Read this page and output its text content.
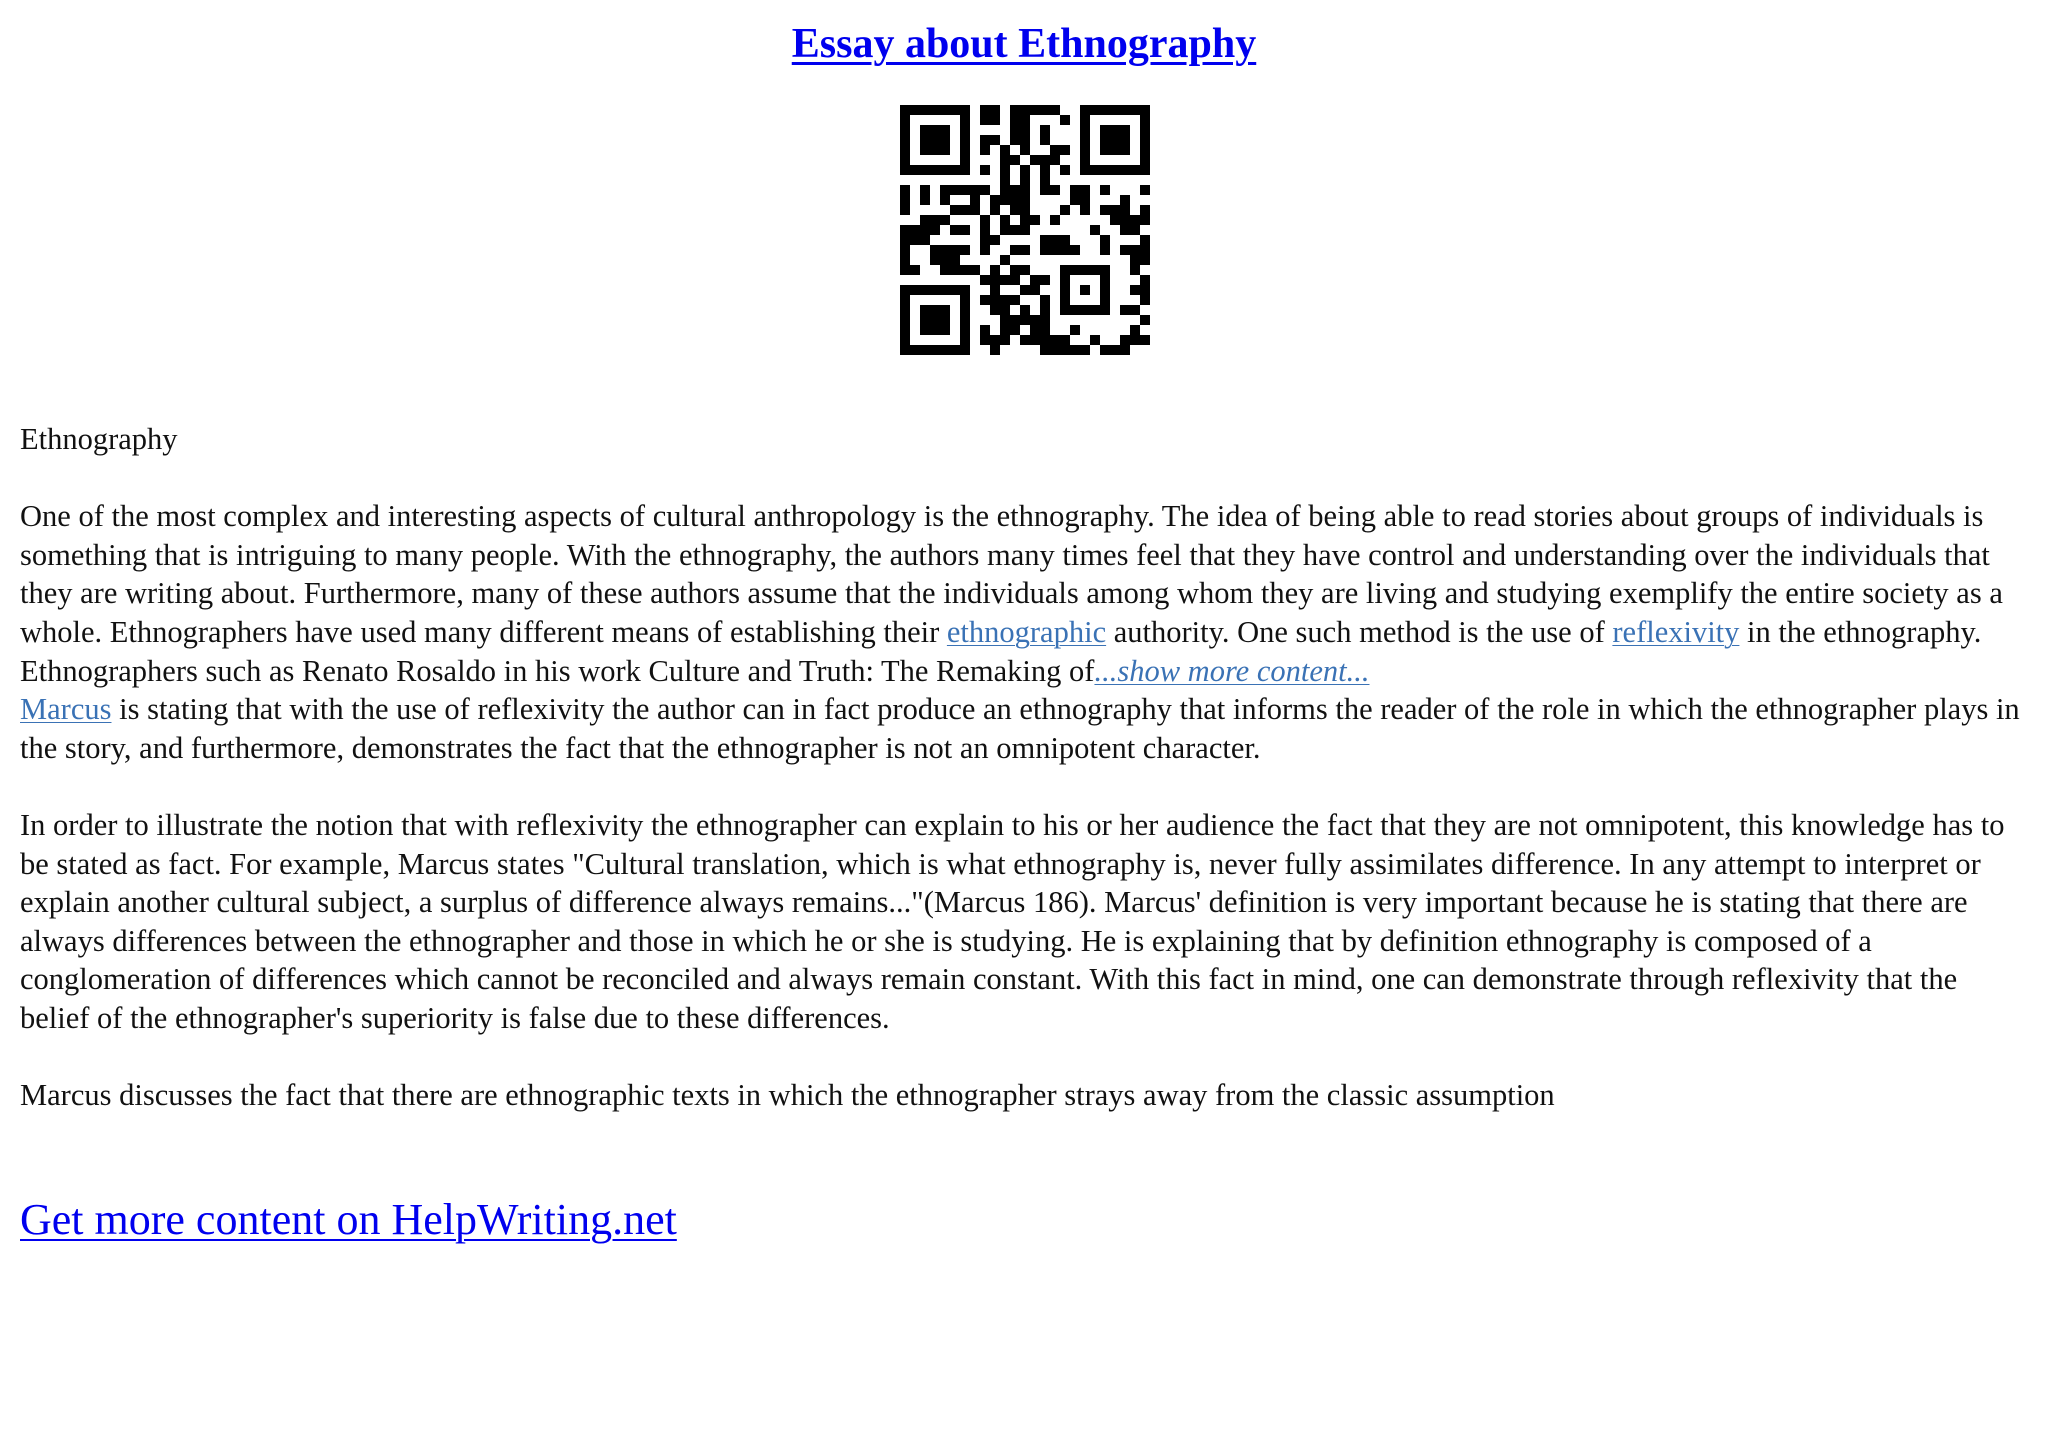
Essay about Ethnography

Ethnography

One of the most complex and interesting aspects of cultural anthropology is the ethnography. The idea of being able to read stories about groups of individuals is something that is intriguing to many people. With the ethnography, the authors many times feel that they have control and understanding over the individuals that they are writing about. Furthermore, many of these authors assume that the individuals among whom they are living and studying exemplify the entire society as a whole. Ethnographers have used many different means of establishing their ethnographic authority. One such method is the use of reflexivity in the ethnography. Ethnographers such as Renato Rosaldo in his work Culture and Truth: The Remaking of...show more content...

Marcus is stating that with the use of reflexivity the author can in fact produce an ethnography that informs the reader of the role in which the ethnographer plays in the story, and furthermore, demonstrates the fact that the ethnographer is not an omnipotent character.

In order to illustrate the notion that with reflexivity the ethnographer can explain to his or her audience the fact that they are not omnipotent, this knowledge has to be stated as fact. For example, Marcus states "Cultural translation, which is what ethnography is, never fully assimilates difference. In any attempt to interpret or explain another cultural subject, a surplus of difference always remains..."(Marcus 186). Marcus' definition is very important because he is stating that there are always differences between the ethnographer and those in which he or she is studying. He is explaining that by definition ethnography is composed of a conglomeration of differences which cannot be reconciled and always remain constant. With this fact in mind, one can demonstrate through reflexivity that the belief of the ethnographer's superiority is false due to these differences.

Marcus discusses the fact that there are ethnographic texts in which the ethnographer strays away from the classic assumption

Get more content on HelpWriting.net
